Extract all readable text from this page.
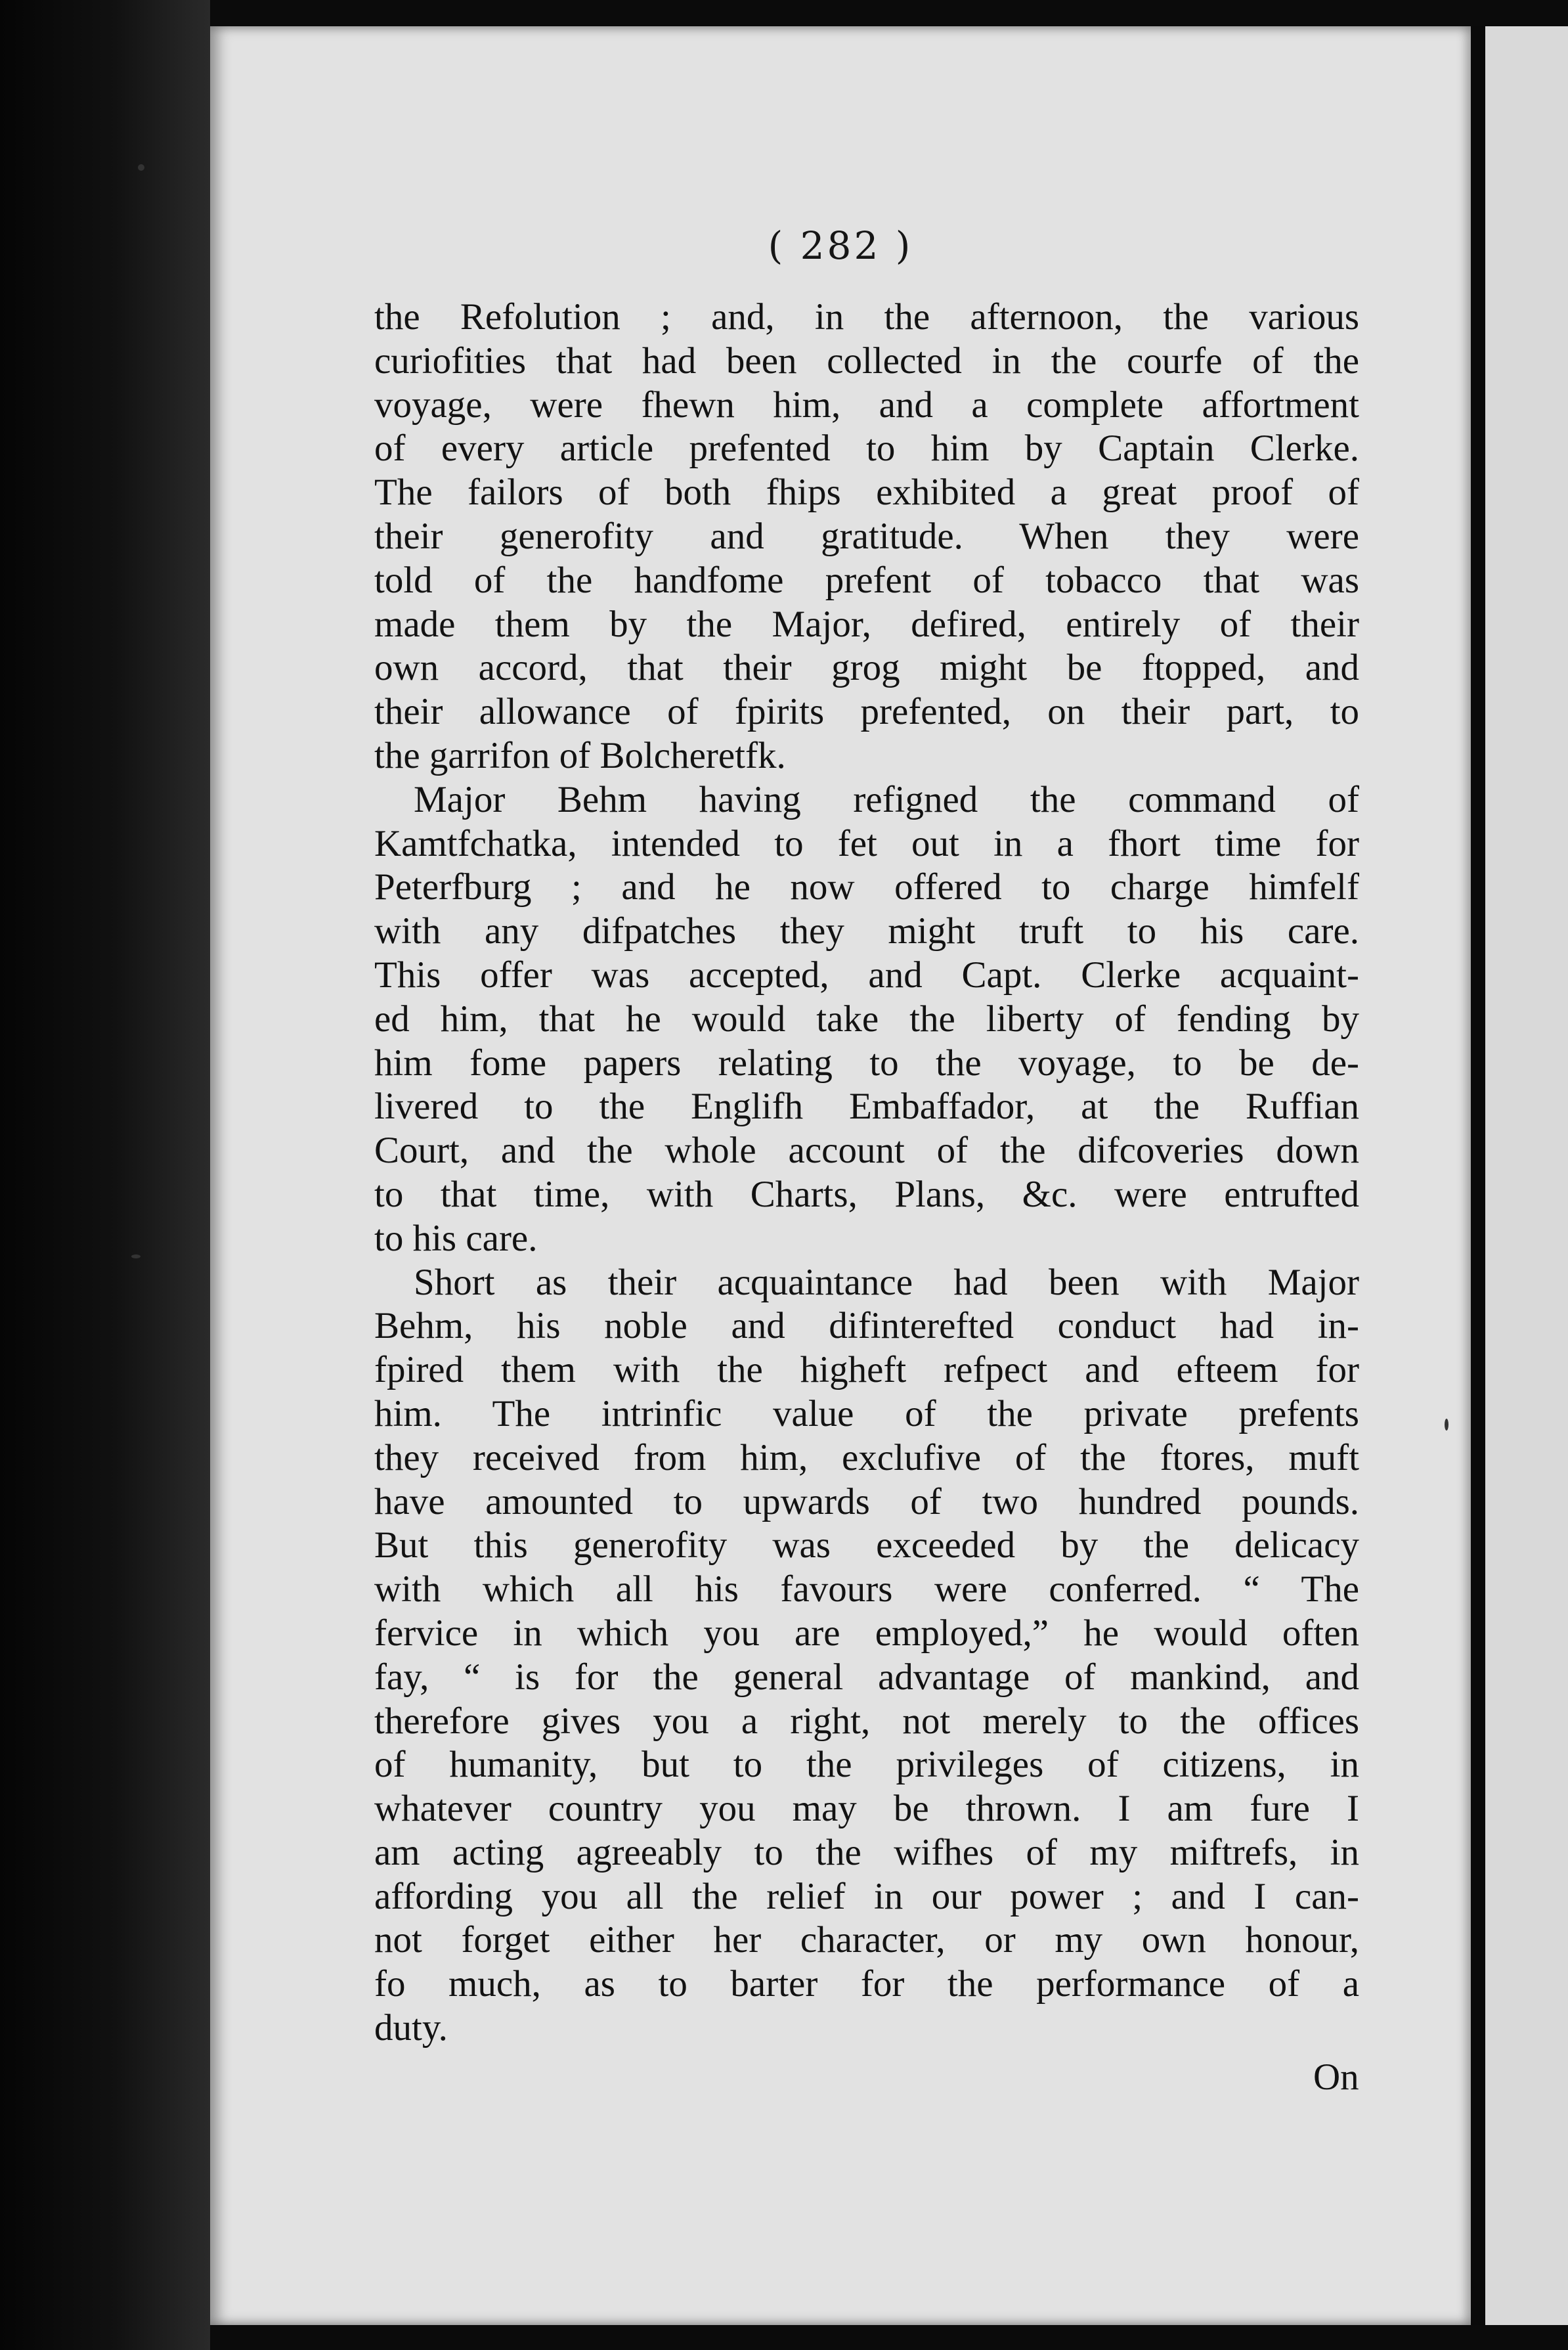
( 282 )
the Refolution ; and, in the afternoon, the various
curiofities that had been collected in the courfe of the
voyage, were fhewn him, and a complete affortment
of every article prefented to him by Captain Clerke.
The failors of both fhips exhibited a great proof of
their generofity and gratitude. When they were
told of the handfome prefent of tobacco that was
made them by the Major, defired, entirely of their
own accord, that their grog might be ftopped, and
their allowance of fpirits prefented, on their part, to
the garrifon of Bolcheretfk.
Major Behm having refigned the command of
Kamtfchatka, intended to fet out in a fhort time for
Peterfburg ; and he now offered to charge himfelf
with any difpatches they might truft to his care.
This offer was accepted, and Capt. Clerke acquaint-
ed him, that he would take the liberty of fending by
him fome papers relating to the voyage, to be de-
livered to the Englifh Embaffador, at the Ruffian
Court, and the whole account of the difcoveries down
to that time, with Charts, Plans, &c. were entrufted
to his care.
Short as their acquaintance had been with Major
Behm, his noble and difinterefted conduct had in-
fpired them with the higheft refpect and efteem for
him. The intrinfic value of the private prefents
they received from him, exclufive of the ftores, muft
have amounted to upwards of two hundred pounds.
But this generofity was exceeded by the delicacy
with which all his favours were conferred. “ The
fervice in which you are employed,” he would often
fay, “ is for the general advantage of mankind, and
therefore gives you a right, not merely to the offices
of humanity, but to the privileges of citizens, in
whatever country you may be thrown. I am fure I
am acting agreeably to the wifhes of my miftrefs, in
affording you all the relief in our power ; and I can-
not forget either her character, or my own honour,
fo much, as to barter for the performance of a
duty.
On
